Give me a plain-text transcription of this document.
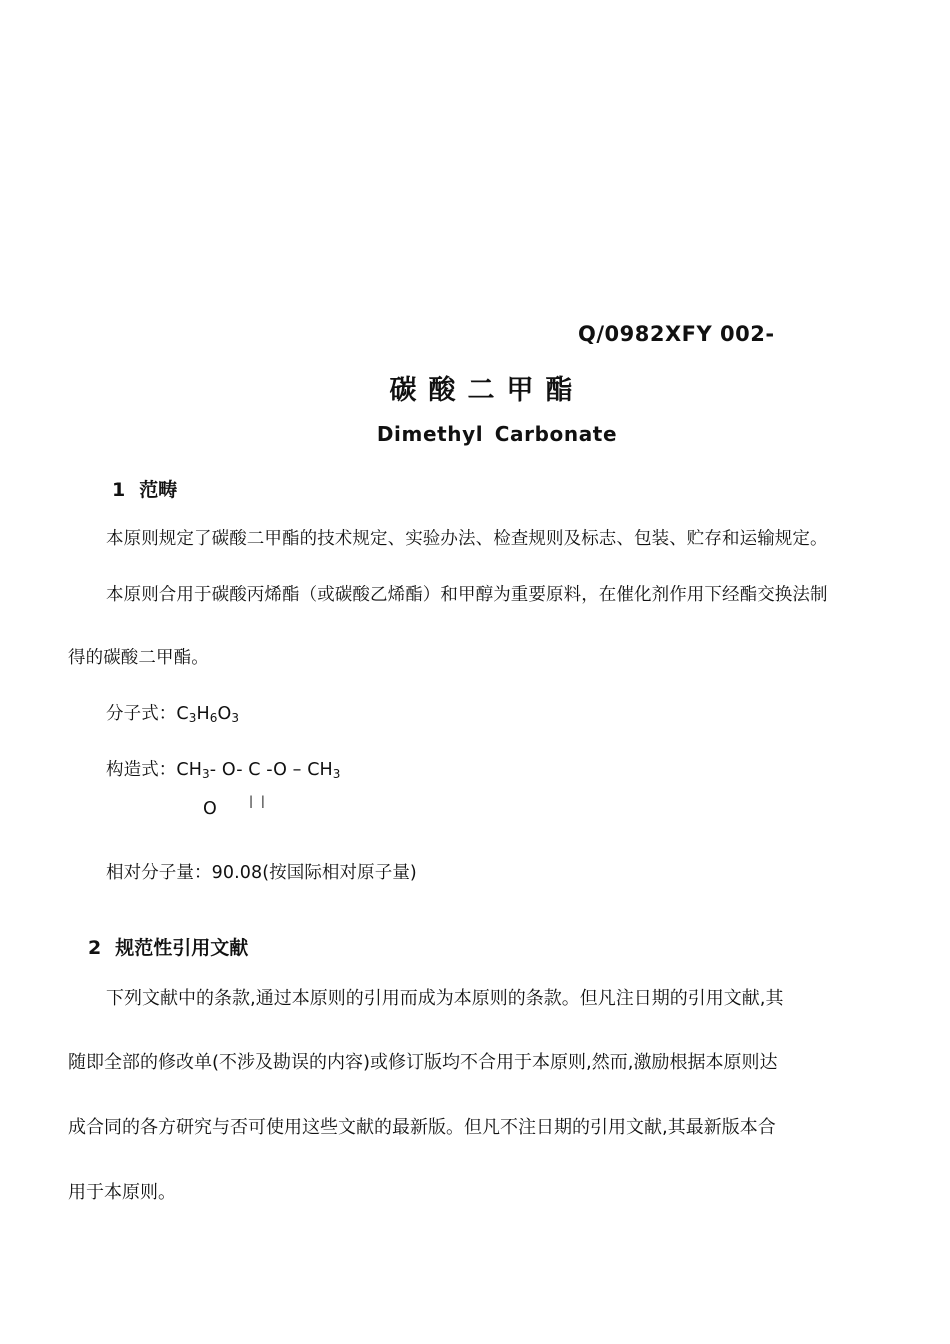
Q/0982XFY 002-
碳酸二甲酯
Dimethyl Carbonate
1 范畴
本原则规定了碳酸二甲酯的技术规定、实验办法、检查规则及标志、包装、贮存和运输规定。
本原则合用于碳酸丙烯酯（或碳酸乙烯酯）和甲醇为重要原料，在催化剂作用下经酯交换法制
得的碳酸二甲酯。
分子式：C3H6O3
构造式：CH3- O- C -O – CH3
O	| |
相对分子量：90.08(按国际相对原子量)
2 规范性引用文献
下列文献中的条款,通过本原则的引用而成为本原则的条款。但凡注日期的引用文献,其
随即全部的修改单(不涉及勘误的内容)或修订版均不合用于本原则,然而,激励根据本原则达
成合同的各方研究与否可使用这些文献的最新版。但凡不注日期的引用文献,其最新版本合
用于本原则。
